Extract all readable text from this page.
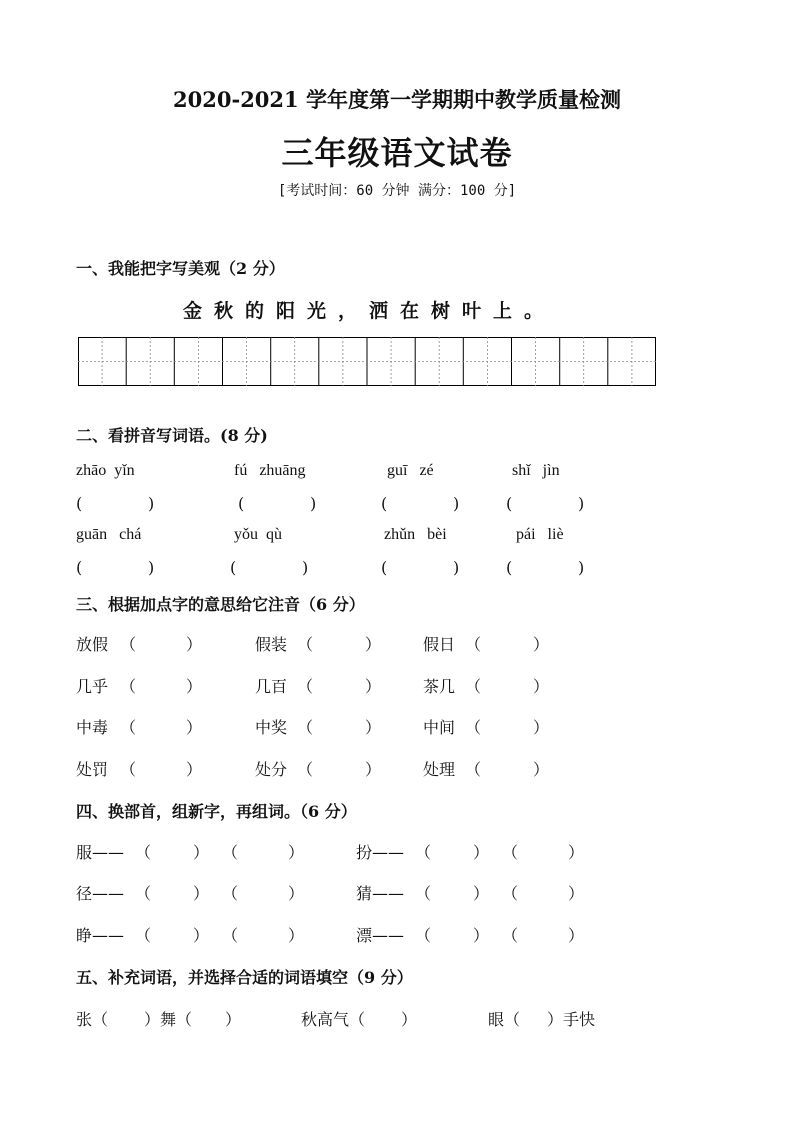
2020-2021 学年度第一学期期中教学质量检测
三年级语文试卷
[考试时间：60 分钟 满分：100 分]
一、我能把字写美观（2 分）
金 秋 的 阳 光 ， 洒 在 树 叶 上 。
二、看拼音写词语。(8 分)
zhāo  yǐn	fú   zhuāng	guī   zé	shǐ   jìn
(	)	(	)	(	)	(	)
guān   chá	yǒu  qù	zhǔn   bèi	pái   liè
(	)	(	)	(	)	(	)
三、根据加点字的意思给它注音（6 分）
放假 （	）	假装 （	）	假日 （	）
几乎 （	）	几百 （	）	茶几 （	）
中毒 （	）	中奖 （	）	中间 （	）
处罚 （	）	处分 （	）	处理 （	）
四、换部首，组新字，再组词。（6 分）
服—— （	） （	）	扮—— （	） （	）
径—— （	） （	）	猜—— （	） （	）
睁—— （	） （	）	漂—— （	） （	）
五、补充词语，并选择合适的词语填空（9 分）
张（ ）舞（ ）	秋高气（ ）	眼（ ）手快
